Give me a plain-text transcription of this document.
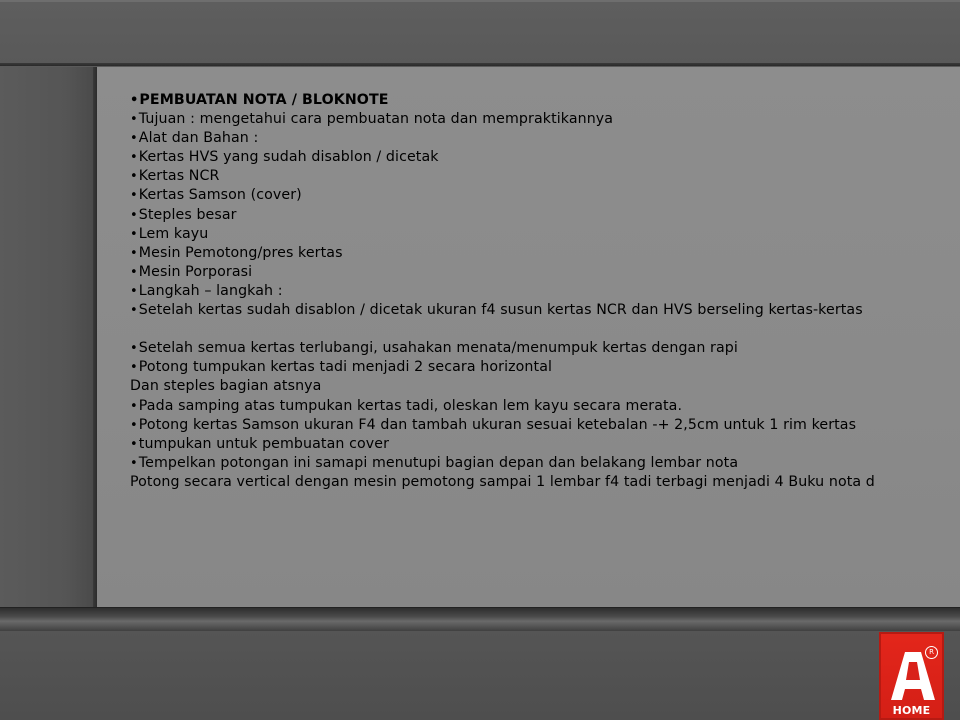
•PEMBUATAN NOTA / BLOKNOTE
•Tujuan : mengetahui cara pembuatan nota dan mempraktikannya
•Alat dan Bahan :
•Kertas HVS yang sudah disablon / dicetak
•Kertas NCR
•Kertas Samson (cover)
•Steples besar
•Lem kayu
•Mesin Pemotong/pres kertas
•Mesin Porporasi
•Langkah – langkah :
•Setelah kertas sudah disablon / dicetak ukuran f4 susun kertas NCR dan HVS berseling kertas-kertas
•Setelah semua kertas terlubangi, usahakan menata/menumpuk kertas dengan rapi
•Potong tumpukan kertas tadi menjadi 2 secara horizontal
Dan steples bagian atsnya
•Pada samping atas tumpukan kertas tadi, oleskan lem kayu secara merata.
•Potong kertas Samson ukuran F4 dan tambah ukuran sesuai ketebalan -+ 2,5cm untuk 1 rim kertas
•tumpukan untuk pembuatan cover
•Tempelkan potongan ini samapi menutupi bagian depan dan belakang lembar nota
Potong secara vertical dengan mesin pemotong sampai 1 lembar f4 tadi terbagi menjadi 4 Buku nota d
R
HOME
